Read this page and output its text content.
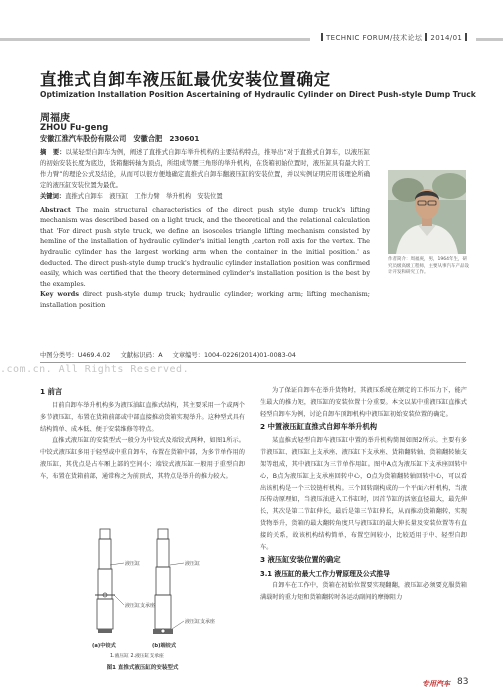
TECHNIC FORUM/技术论坛 2014/01
直推式自卸车液压缸最优安装位置确定
Optimization Installation Position Ascertaining of Hydraulic Cylinder on Direct Push-style Dump Truck
周福庚
ZHOU Fu-geng
安徽江淮汽车股份有限公司　安徽合肥　230601
摘　要：以某轻型自卸车为例，阐述了直推式自卸车举升机构的主要结构特点，推导出“对于直推式自卸车，以液压缸的初始安装长度为底边，货箱翻转轴为顶点，所组成等腰三角形的举升机构，在货箱初始位置时，液压缸具有最大的工作力臂”的理论公式及结论，从而可以很方便地确定直推式自卸车翻液压缸的安装位置，并以实例证明应用该理论所确定的液压缸安装位置为最优。
关键词：直推式自卸车　液压缸　工作力臂　举升机构　安装位置
Abstract The main structural characteristics of the direct push style dump truck's lifting mechanism was described based on a light truck, and the theoretical and the relational calculation that 'For direct push style truck, we define an isosceles triangle lifting mechanism consisted by hemline of the installation of hydraulic cylinder's initial length ,carton roll axis for the vertex. The hydraulic cylinder has the largest working arm when the container in the initial position.' as deducted. The direct push-style dump truck's hydraulic cylinder installation position was confirmed easily, which was certified that the theory determined cylinder's installation position is the best by the examples.
Key words direct push-style dump truck; hydraulic cylinder; working arm; lifting mechanism; installation position
作者简介：周福庚，男，1964年生，研究员级高级工程师，主要从事汽车产品设计开发和研究工作。
中图分类号：U469.4.02 文献标识码：A 文章编号：1004-0226(2014)01-0083-04
.com.cn. All Rights Reserved.
1 前言

目前自卸车举升机构多为液压油缸直推式结构，其主要采用一个或两个多节液压缸，布置在货箱前部或中部直接推动货箱实现举升。这种型式具有结构简单、成本低、便于安装维修等特点。

直推式液压缸的安装型式一般分为中铰式及端铰式两种，如图1所示。中铰式液压缸多用于轻型或中重自卸车，布置在货箱中部，为多节单作用的液压缸，其优点是占车厢上部的空间小；端铰式液压缸一般用于重型自卸车，布置在货箱前部，通常称之为前顶式，其特点是举升的推力较大。

液压缸
液压缸支承座
液压缸
液压缸支承座
(a)中铰式	(b)端铰式
1.液压缸 2.液压缸支承座
图1 直推式液压缸的安装型式

为了保证自卸车在举升货物时，其液压系统在额定的工作压力下，能产生最大的推力矩，液压缸的安装位置十分重要。本文以某中重液压缸直推式轻型自卸车为例，讨论自卸车顶卸机构中液压缸初始安装位置的确定。

2 中置液压缸直推式自卸车举升机构

某直推式轻型自卸车液压缸中置的举升机构简图如图2所示。主要有多节液压缸、液压缸上支承座、液压缸下支承座、货箱翻转轴、货箱翻转轴支架等组成，其中液压缸为三节单作用缸。图中A点为液压缸下支承座回转中心，B点为液压缸上支承座回转中心，O点为货箱翻转轴回转中心，可以看出该机构是一个三铰链杆机构。三个回转副构成的一个平面六杆机构，当液压传动原理如，当液压油进入工作缸时，因首节缸的活塞直径最大，最先伸长，其次是第二节缸伸长，最后是第三节缸伸长，从而推动货箱翻转，实现货物举升，货箱的最大翻转角度只与液压缸的最大伸长量及安装位置等有直接的关系，故该机构结构简单，布置空间较小，比较适用于中、轻型自卸车。

3 液压缸安装位置的确定
3.1 液压缸的最大工作力臂原理及公式推导

自卸车在工作中，货箱在初始位置要实现翻翻，液压缸必须要克服货箱满载时的重力矩和货箱翻转时各运动副间的摩擦阻力

专用汽车 83
